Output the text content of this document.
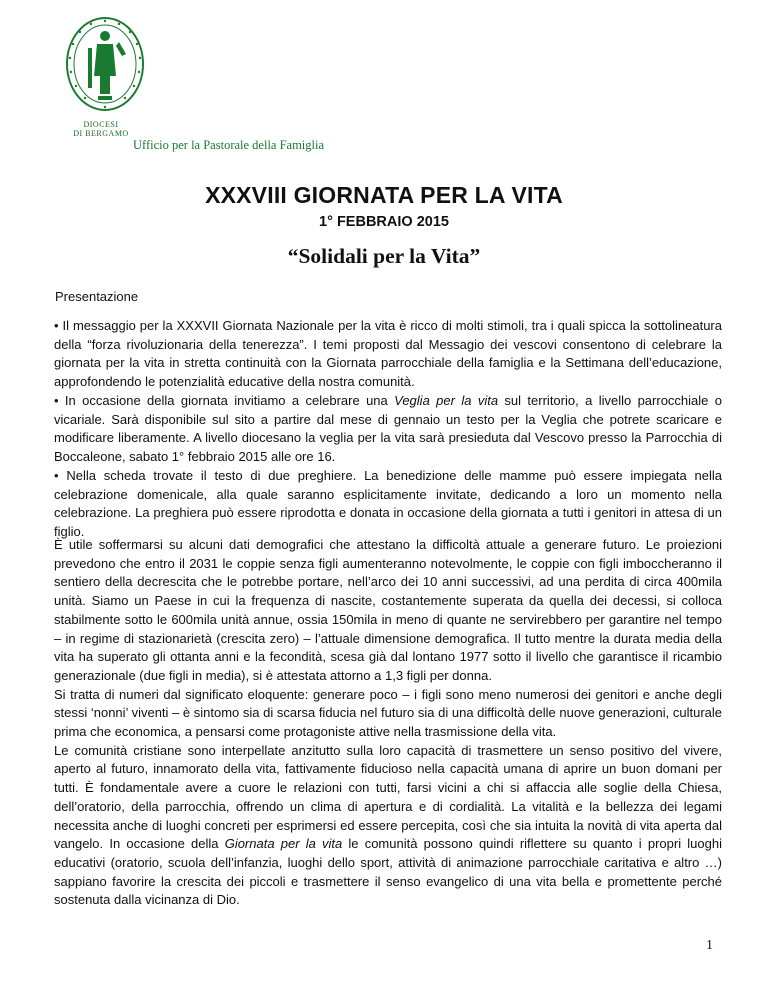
DIOCESI
DI BERGAMO
Ufficio per la Pastorale della Famiglia
XXXVIII GIORNATA PER LA VITA
1° FEBBRAIO 2015
“Solidali per la Vita”
Presentazione

• Il messaggio per la XXXVII Giornata Nazionale per la vita è ricco di molti stimoli, tra i quali spicca la sottolineatura della “forza rivoluzionaria della tenerezza”. I temi proposti dal Messagio dei vescovi consentono di celebrare la giornata per la vita in stretta continuità con la Giornata parrocchiale della famiglia e la Settimana dell’educazione, approfondendo le potenzialità educative della nostra comunità.

• In occasione della giornata invitiamo a celebrare una Veglia per la vita sul territorio, a livello parrocchiale o vicariale. Sarà disponibile sul sito a partire dal mese di gennaio un testo per la Veglia che potrete scaricare e modificare liberamente. A livello diocesano la veglia per la vita sarà presieduta dal Vescovo presso la Parrocchia di Boccaleone, sabato 1° febbraio 2015 alle ore 16.

• Nella scheda trovate il testo di due preghiere. La benedizione delle mamme può essere impiegata nella celebrazione domenicale, alla quale saranno esplicitamente invitate, dedicando a loro un momento nella celebrazione. La preghiera può essere riprodotta e donata in occasione della giornata a tutti i genitori in attesa di un figlio.

È utile soffermarsi su alcuni dati demografici che attestano la difficoltà attuale a generare futuro. Le proiezioni prevedono che entro il 2031 le coppie senza figli aumenteranno notevolmente, le coppie con figli imboccheranno il sentiero della decrescita che le potrebbe portare, nell’arco dei 10 anni successivi, ad una perdita di circa 400mila unità. Siamo un Paese in cui la frequenza di nascite, costantemente superata da quella dei decessi, si colloca stabilmente sotto le 600mila unità annue, ossia 150mila in meno di quante ne servirebbero per garantire nel tempo – in regime di stazionarietà (crescita zero) – l’attuale dimensione demografica. Il tutto mentre la durata media della vita ha superato gli ottanta anni e la fecondità, scesa già dal lontano 1977 sotto il livello che garantisce il ricambio generazionale (due figli in media), si è attestata attorno a 1,3 figli per donna.

Si tratta di numeri dal significato eloquente: generare poco – i figli sono meno numerosi dei genitori e anche degli stessi ‘nonni’ viventi – è sintomo sia di scarsa fiducia nel futuro sia di una difficoltà delle nuove generazioni, culturale prima che economica, a pensarsi come protagoniste attive nella trasmissione della vita.

Le comunità cristiane sono interpellate anzitutto sulla loro capacità di trasmettere un senso positivo del vivere, aperto al futuro, innamorato della vita, fattivamente fiducioso nella capacità umana di aprire un buon domani per tutti. È fondamentale avere a cuore le relazioni con tutti, farsi vicini a chi si affaccia alle soglie della Chiesa, dell’oratorio, della parrocchia, offrendo un clima di apertura e di cordialità. La vitalità e la bellezza dei legami necessita anche di luoghi concreti per esprimersi ed essere percepita, così che sia intuita la novità di vita aperta dal vangelo. In occasione della Giornata per la vita le comunità possono quindi riflettere su quanto i propri luoghi educativi (oratorio, scuola dell’infanzia, luoghi dello sport, attività di animazione parrocchiale caritativa e altro …) sappiano favorire la crescita dei piccoli e trasmettere il senso evangelico di una vita bella e promettente perché sostenuta dalla vicinanza di Dio.

1
